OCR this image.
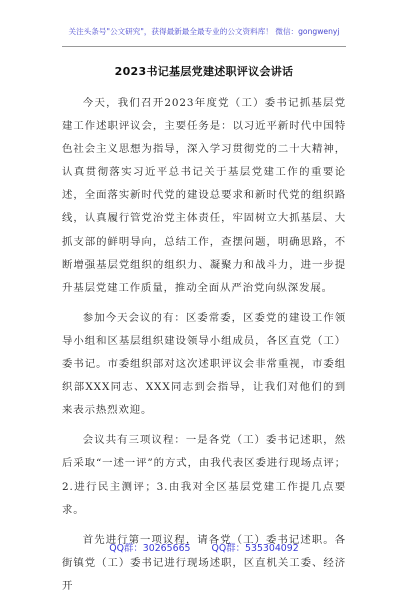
关注头条号"公文研究"，获得最新最全最专业的公文资料库！ 微信：gongwenyj
2023书记基层党建述职评议会讲话

今天，我们召开2023年度党（工）委书记抓基层党建工作述职评议会，主要任务是：以习近平新时代中国特色社会主义思想为指导，深入学习贯彻党的二十大精神，认真贯彻落实习近平总书记关于基层党建工作的重要论述，全面落实新时代党的建设总要求和新时代党的组织路线，认真履行管党治党主体责任，牢固树立大抓基层、大抓支部的鲜明导向，总结工作，查摆问题，明确思路，不断增强基层党组织的组织力、凝聚力和战斗力，进一步提升基层党建工作质量，推动全面从严治党向纵深发展。

参加今天会议的有：区委常委，区委党的建设工作领导小组和区基层组织建设领导小组成员，各区直党（工）委书记。市委组织部对这次述职评议会非常重视，市委组织部XXX同志、XXX同志到会指导，让我们对他们的到来表示热烈欢迎。

会议共有三项议程：一是各党（工）委书记述职，然后采取“一述一评”的方式，由我代表区委进行现场点评；2.进行民主测评；3.由我对全区基层党建工作提几点要求。

首先进行第一项议程，请各党（工）委书记述职。各街镇党（工）委书记进行现场述职，区直机关工委、经济开

QQ群：30265665 QQ群：535304092
